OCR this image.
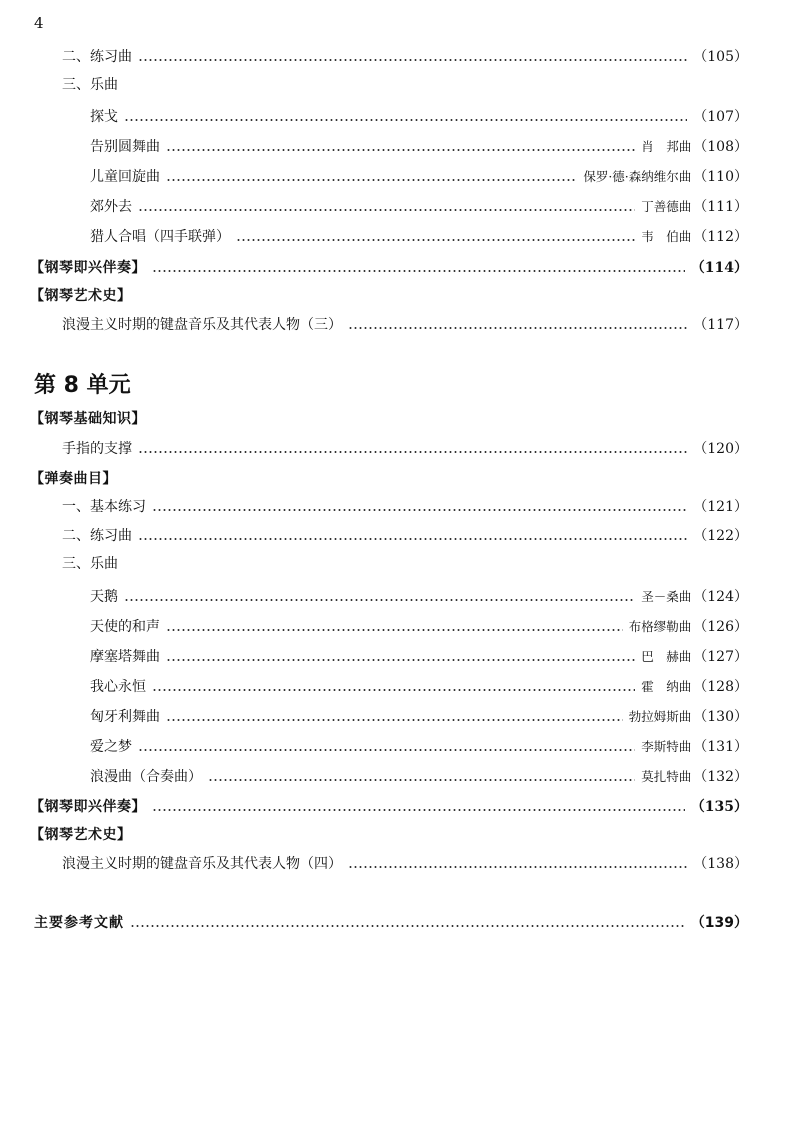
4
二、练习曲	（105）
三、乐曲
探戈	（107）
告别圆舞曲	肖　邦曲 （108）
儿童回旋曲	保罗·德·森纳维尔曲 （110）
郊外去	丁善德曲 （111）
猎人合唱（四手联弹）	韦　伯曲 （112）
【钢琴即兴伴奏】	（114）
【钢琴艺术史】
浪漫主义时期的键盘音乐及其代表人物（三）	（117）
第 8 单元
【钢琴基础知识】
手指的支撑	（120）
【弹奏曲目】
一、基本练习	（121）
二、练习曲	（122）
三、乐曲
天鹅	圣－桑曲 （124）
天使的和声	布格缪勒曲 （126）
摩塞塔舞曲	巴　赫曲 （127）
我心永恒	霍　纳曲 （128）
匈牙利舞曲	勃拉姆斯曲 （130）
爱之梦	李斯特曲 （131）
浪漫曲（合奏曲）	莫扎特曲 （132）
【钢琴即兴伴奏】	（135）
【钢琴艺术史】
浪漫主义时期的键盘音乐及其代表人物（四）	（138）
主要参考文献	（139）
